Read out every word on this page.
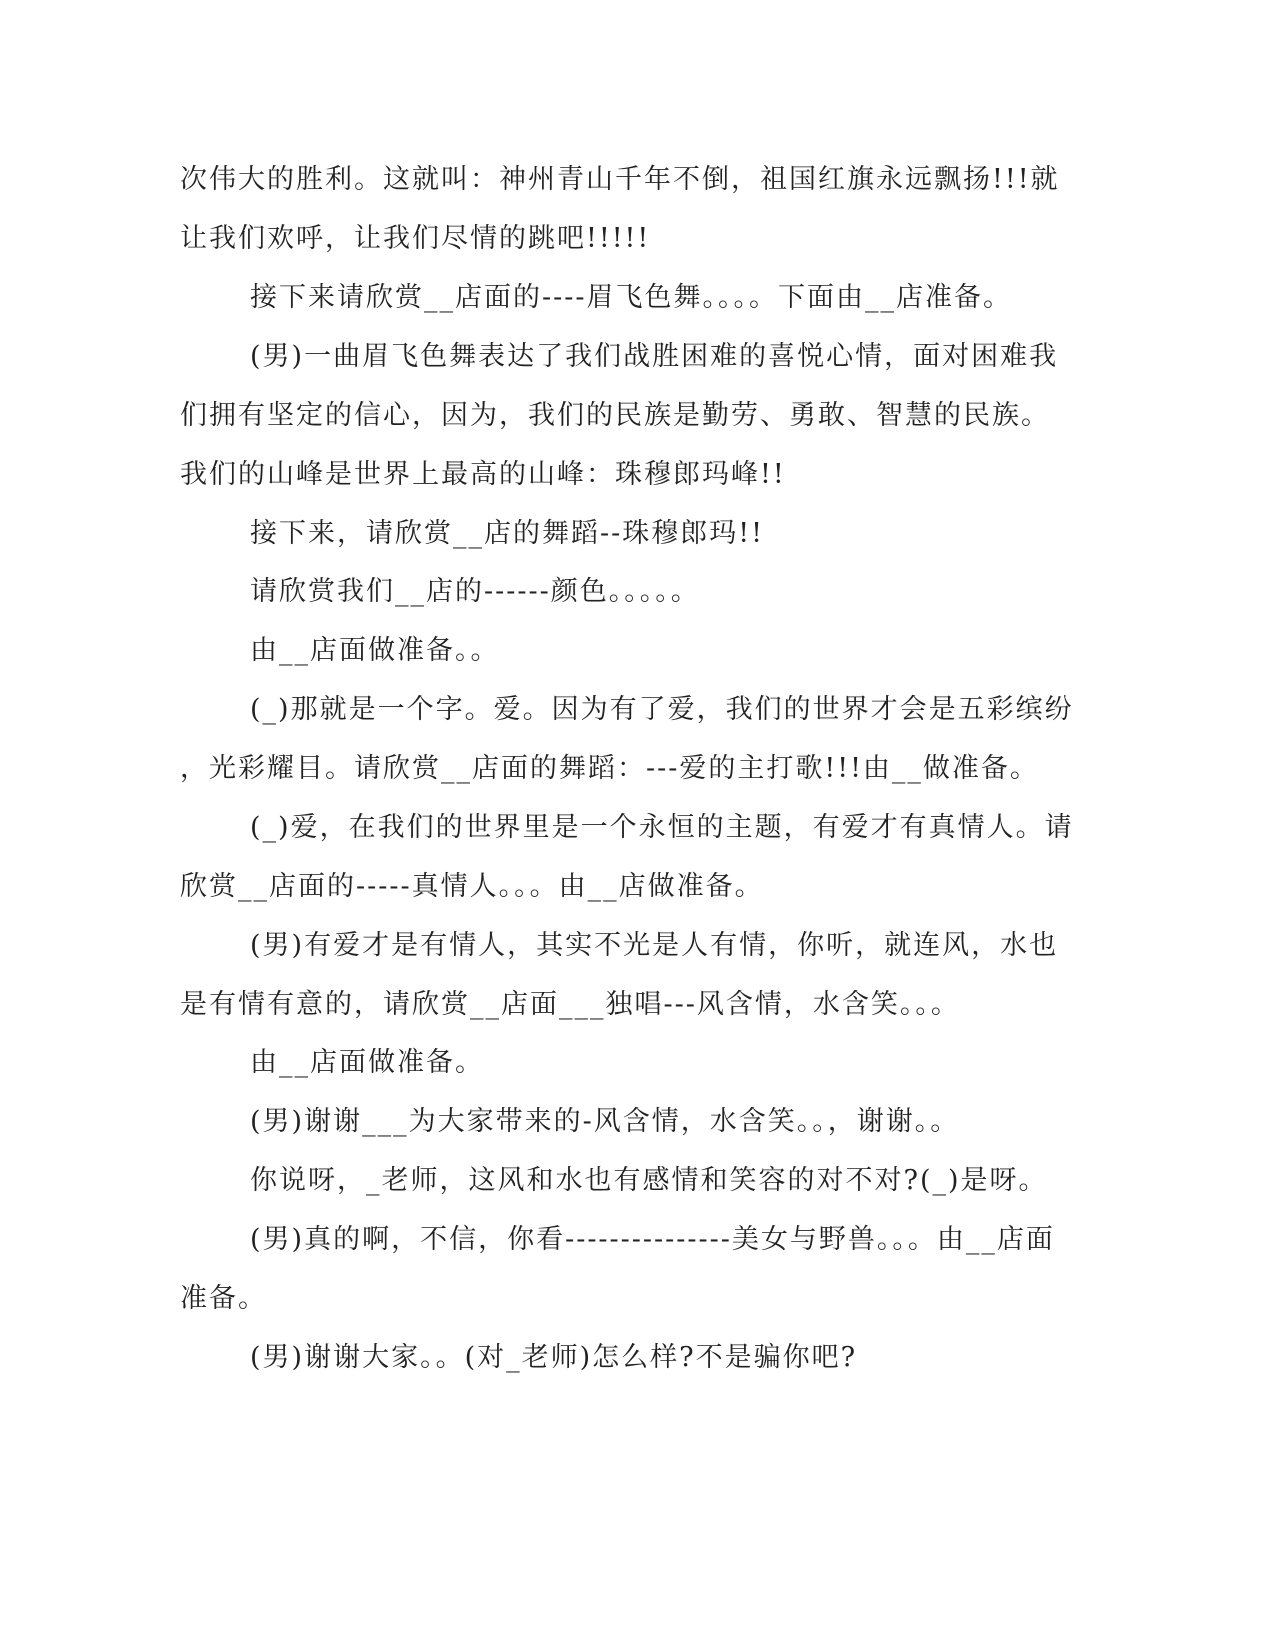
次伟大的胜利。这就叫：神州青山千年不倒，祖国红旗永远飘扬!!!就
让我们欢呼，让我们尽情的跳吧!!!!!
接下来请欣赏__店面的----眉飞色舞。。。。下面由__店准备。
(男)一曲眉飞色舞表达了我们战胜困难的喜悦心情，面对困难我
们拥有坚定的信心，因为，我们的民族是勤劳、勇敢、智慧的民族。
我们的山峰是世界上最高的山峰：珠穆郎玛峰!!
接下来，请欣赏__店的舞蹈--珠穆郎玛!!
请欣赏我们__店的------颜色。。。。。
由__店面做准备。。
(_)那就是一个字。爱。因为有了爱，我们的世界才会是五彩缤纷
，光彩耀目。请欣赏__店面的舞蹈：---爱的主打歌!!!由__做准备。
(_)爱，在我们的世界里是一个永恒的主题，有爱才有真情人。请
欣赏__店面的-----真情人。。。由__店做准备。
(男)有爱才是有情人，其实不光是人有情，你听，就连风，水也
是有情有意的，请欣赏__店面___独唱---风含情，水含笑。。。
由__店面做准备。
(男)谢谢___为大家带来的-风含情，水含笑。。，谢谢。。
你说呀，_老师，这风和水也有感情和笑容的对不对?(_)是呀。
(男)真的啊，不信，你看---------------美女与野兽。。。由__店面
准备。
(男)谢谢大家。。(对_老师)怎么样?不是骗你吧?
